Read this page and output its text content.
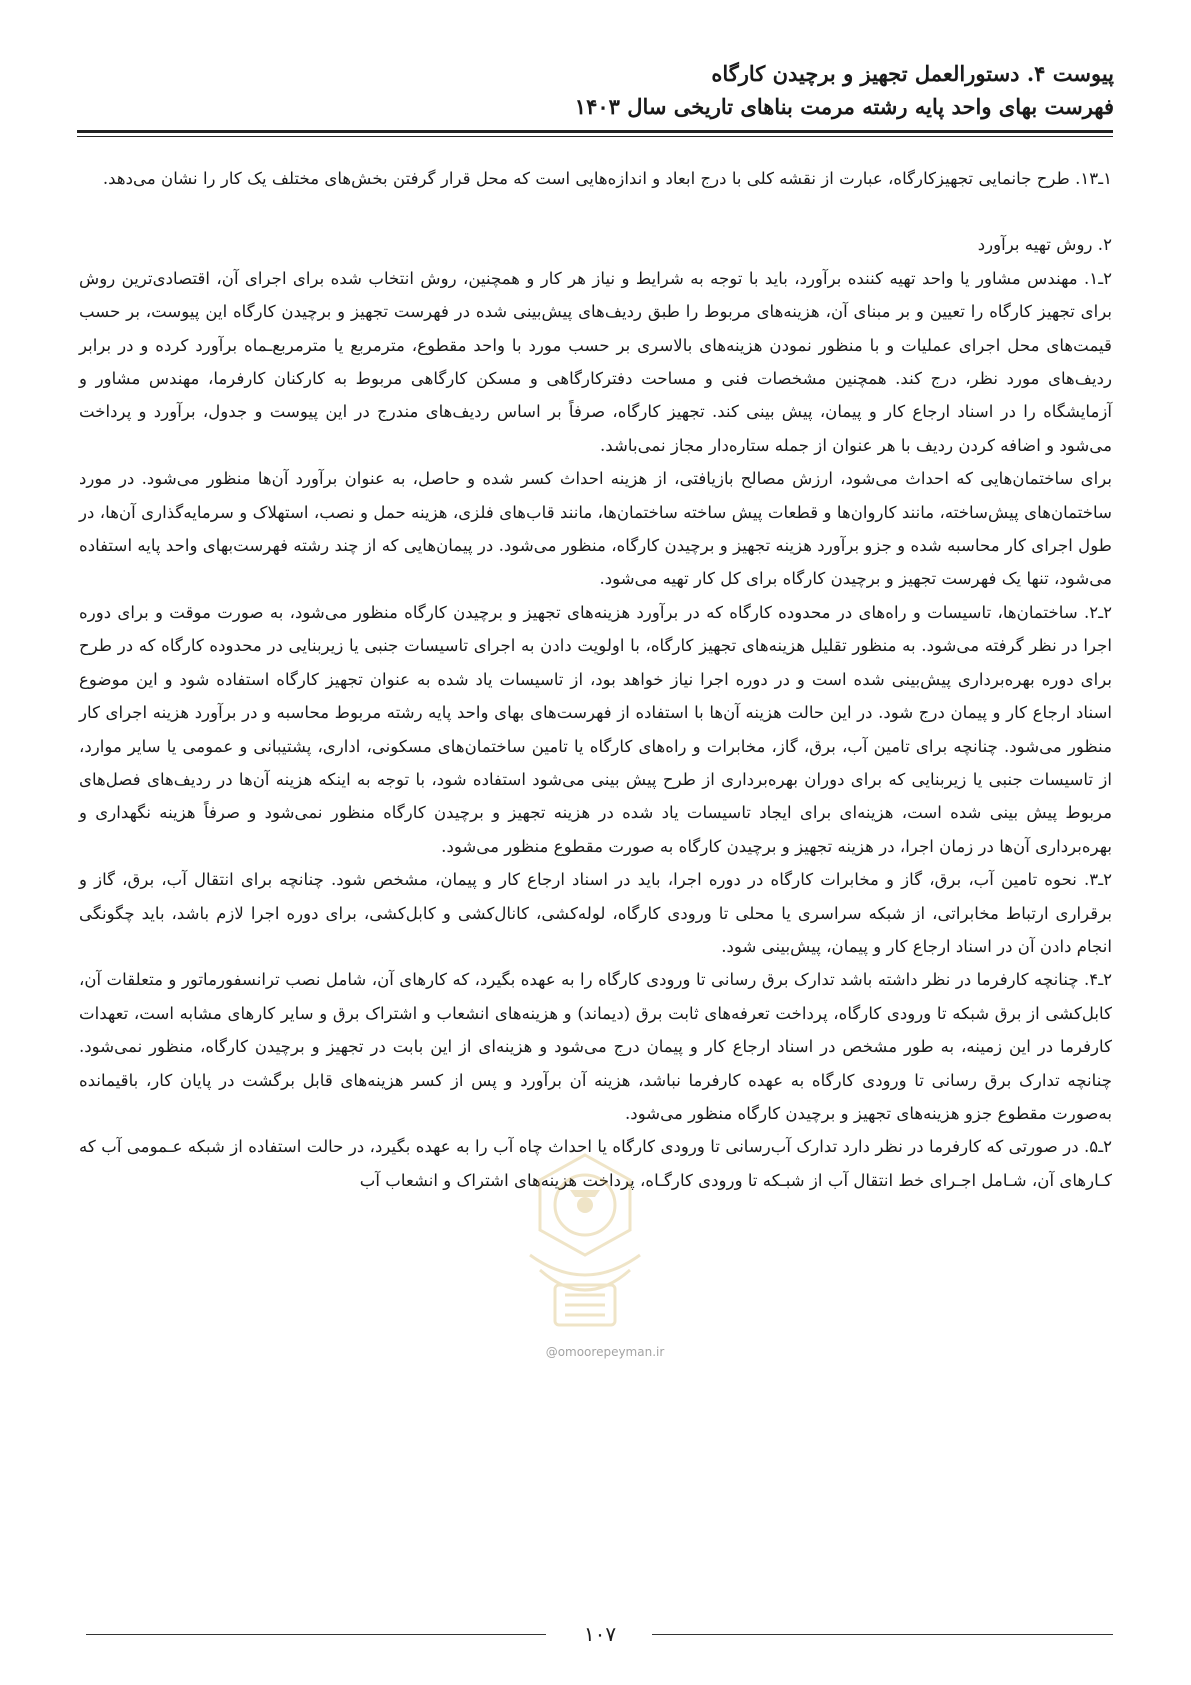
پیوست ۴. دستورالعمل تجهیز و برچیدن کارگاه
فهرست بهای واحد پایه رشته مرمت بناهای تاریخی سال ۱۴۰۳

۱ـ۱۳. طرح جانمایی تجهیزکارگاه، عبارت از نقشه کلی با درج ابعاد و اندازه‌هایی است که محل قرار گرفتن بخش‌های مختلف یک کار را نشان می‌دهد.

۲. روش تهیه برآورد

۲ـ۱. مهندس مشاور یا واحد تهیه کننده برآورد، باید با توجه به شرایط و نیاز هر کار و همچنین، روش انتخاب شده برای اجرای آن، اقتصادی‌ترین روش برای تجهیز کارگاه را تعیین و بر مبنای آن، هزینه‌های مربوط را طبق ردیف‌های پیش‌بینی شده در فهرست تجهیز و برچیدن کارگاه این پیوست، بر حسب قیمت‌های محل اجرای عملیات و با منظور نمودن هزینه‌های بالاسری بر حسب مورد با واحد مقطوع، مترمربع یا مترمربع‌ـماه برآورد کرده و در برابر ردیف‌های مورد نظر، درج کند. همچنین مشخصات فنی و مساحت دفترکارگاهی و مسکن کارگاهی مربوط به کارکنان کارفرما، مهندس مشاور و آزمایشگاه را در اسناد ارجاع کار و پیمان، پیش بینی کند. تجهیز کارگاه، صرفاً بر اساس ردیف‌های مندرج در این پیوست و جدول، برآورد و پرداخت می‌شود و اضافه کردن ردیف با هر عنوان از جمله ستاره‌دار مجاز نمی‌باشد.

برای ساختمان‌هایی که احداث می‌شود، ارزش مصالح بازیافتی، از هزینه احداث کسر شده و حاصل، به عنوان برآورد آن‌ها منظور می‌شود. در مورد ساختمان‌های پیش‌ساخته، مانند کاروان‌ها و قطعات پیش ساخته ساختمان‌ها، مانند قاب‌های فلزی، هزینه حمل و نصب، استهلاک و سرمایه‌گذاری آن‌ها، در طول اجرای کار محاسبه شده و جزو برآورد هزینه تجهیز و برچیدن کارگاه، منظور می‌شود. در پیمان‌هایی که از چند رشته فهرست‌بهای واحد پایه استفاده می‌شود، تنها یک فهرست تجهیز و برچیدن کارگاه برای کل کار تهیه می‌شود.

۲ـ۲. ساختمان‌ها، تاسیسات و راه‌های در محدوده کارگاه که در برآورد هزینه‌های تجهیز و برچیدن کارگاه منظور می‌شود، به صورت موقت و برای دوره اجرا در نظر گرفته می‌شود. به منظور تقلیل هزینه‌های تجهیز کارگاه، با اولویت دادن به اجرای تاسیسات جنبی یا زیربنایی در محدوده کارگاه که در طرح برای دوره بهره‌برداری پیش‌بینی شده است و در دوره اجرا نیاز خواهد بود، از تاسیسات یاد شده به عنوان تجهیز کارگاه استفاده شود و این موضوع اسناد ارجاع کار و پیمان درج شود. در این حالت هزینه آن‌ها با استفاده از فهرست‌های بهای واحد پایه رشته مربوط محاسبه و در برآورد هزینه اجرای کار منظور می‌شود. چنانچه برای تامین آب، برق، گاز، مخابرات و راه‌های کارگاه یا تامین ساختمان‌های مسکونی، اداری، پشتیبانی و عمومی یا سایر موارد، از تاسیسات جنبی یا زیربنایی که برای دوران بهره‌برداری از طرح پیش بینی می‌شود استفاده شود، با توجه به اینکه هزینه آن‌ها در ردیف‌های فصل‌های مربوط پیش بینی شده است، هزینه‌ای برای ایجاد تاسیسات یاد شده در هزینه تجهیز و برچیدن کارگاه منظور نمی‌شود و صرفاً هزینه نگهداری و بهره‌برداری آن‌ها در زمان اجرا، در هزینه تجهیز و برچیدن کارگاه به صورت مقطوع منظور می‌شود.

۲ـ۳. نحوه تامین آب، برق، گاز و مخابرات کارگاه در دوره اجرا، باید در اسناد ارجاع کار و پیمان، مشخص شود. چنانچه برای انتقال آب، برق، گاز و برقراری ارتباط مخابراتی، از شبکه سراسری یا محلی تا ورودی کارگاه، لوله‌کشی، کانال‌کشی و کابل‌کشی، برای دوره اجرا لازم باشد، باید چگونگی انجام دادن آن در اسناد ارجاع کار و پیمان، پیش‌بینی شود.

۲ـ۴. چنانچه کارفرما در نظر داشته باشد تدارک برق رسانی تا ورودی کارگاه را به عهده بگیرد، که کارهای آن، شامل نصب ترانسفورماتور و متعلقات آن، کابل‌کشی از برق شبکه تا ورودی کارگاه، پرداخت تعرفه‌های ثابت برق (دیماند) و هزینه‌های انشعاب و اشتراک برق و سایر کارهای مشابه است، تعهدات کارفرما در این زمینه، به طور مشخص در اسناد ارجاع کار و پیمان درج می‌شود و هزینه‌ای از این بابت در تجهیز و برچیدن کارگاه، منظور نمی‌شود. چنانچه تدارک برق رسانی تا ورودی کارگاه به عهده کارفرما نباشد، هزینه آن برآورد و پس از کسر هزینه‌های قابل برگشت در پایان کار، باقیمانده به‌صورت مقطوع جزو هزینه‌های تجهیز و برچیدن کارگاه منظور می‌شود.

۲ـ۵. در صورتی که کارفرما در نظر دارد تدارک آب‌رسانی تا ورودی کارگاه یا احداث چاه آب را به عهده بگیرد، در حالت استفاده از شبکه عـمومی آب که کـارهای آن، شـامل اجـرای خط انتقال آب از شبـکه تا ورودی کارگـاه، پرداخت هزینه‌های اشتراک و انشعاب آب

@omoorepeyman.ir
۱۰۷
